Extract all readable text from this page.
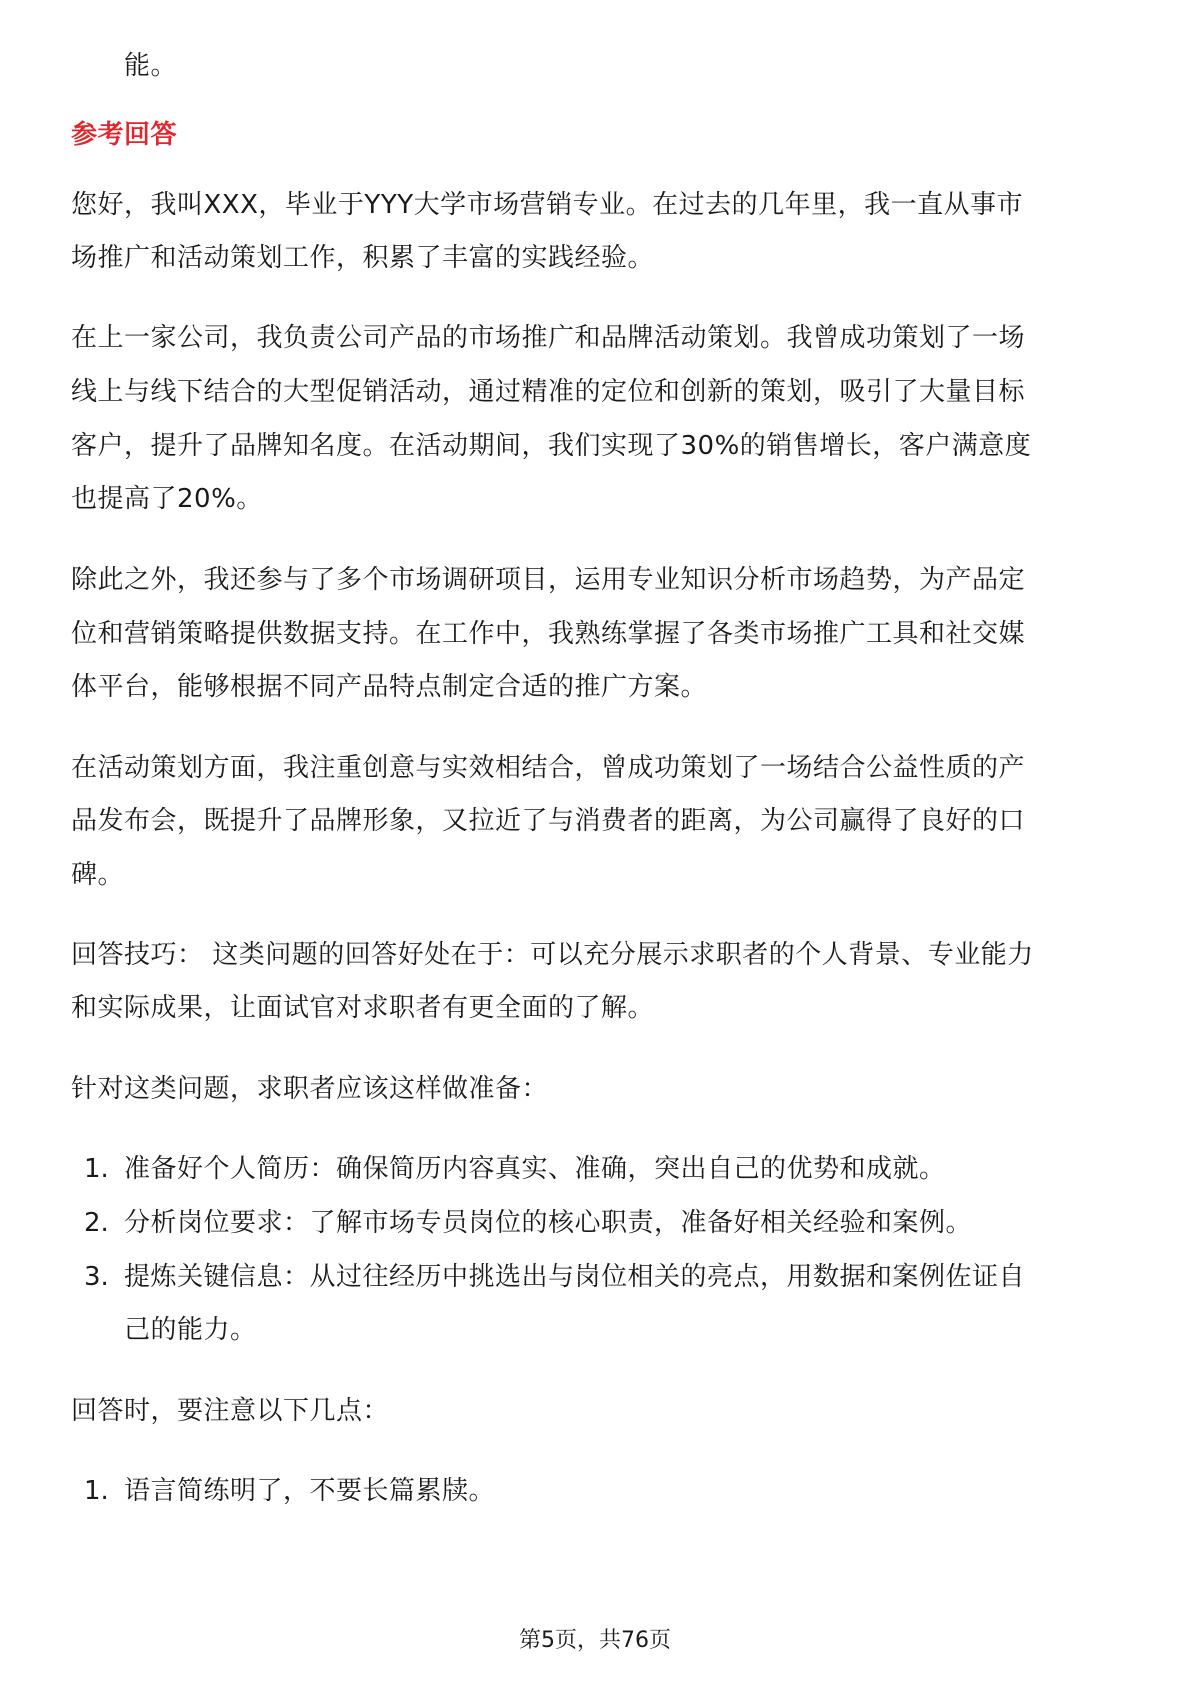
能。
参考回答
您好，我叫XXX，毕业于YYY大学市场营销专业。在过去的几年里，我一直从事市
场推广和活动策划工作，积累了丰富的实践经验。
在上一家公司，我负责公司产品的市场推广和品牌活动策划。我曾成功策划了一场
线上与线下结合的大型促销活动，通过精准的定位和创新的策划，吸引了大量目标
客户，提升了品牌知名度。在活动期间，我们实现了30%的销售增长，客户满意度
也提高了20%。
除此之外，我还参与了多个市场调研项目，运用专业知识分析市场趋势，为产品定
位和营销策略提供数据支持。在工作中，我熟练掌握了各类市场推广工具和社交媒
体平台，能够根据不同产品特点制定合适的推广方案。
在活动策划方面，我注重创意与实效相结合，曾成功策划了一场结合公益性质的产
品发布会，既提升了品牌形象，又拉近了与消费者的距离，为公司赢得了良好的口
碑。
回答技巧： 这类问题的回答好处在于：可以充分展示求职者的个人背景、专业能力
和实际成果，让面试官对求职者有更全面的了解。
针对这类问题，求职者应该这样做准备：
1. 准备好个人简历：确保简历内容真实、准确，突出自己的优势和成就。
2. 分析岗位要求：了解市场专员岗位的核心职责，准备好相关经验和案例。
3. 提炼关键信息：从过往经历中挑选出与岗位相关的亮点，用数据和案例佐证自
己的能力。
回答时，要注意以下几点：
1. 语言简练明了，不要长篇累牍。
第5页，共76页
